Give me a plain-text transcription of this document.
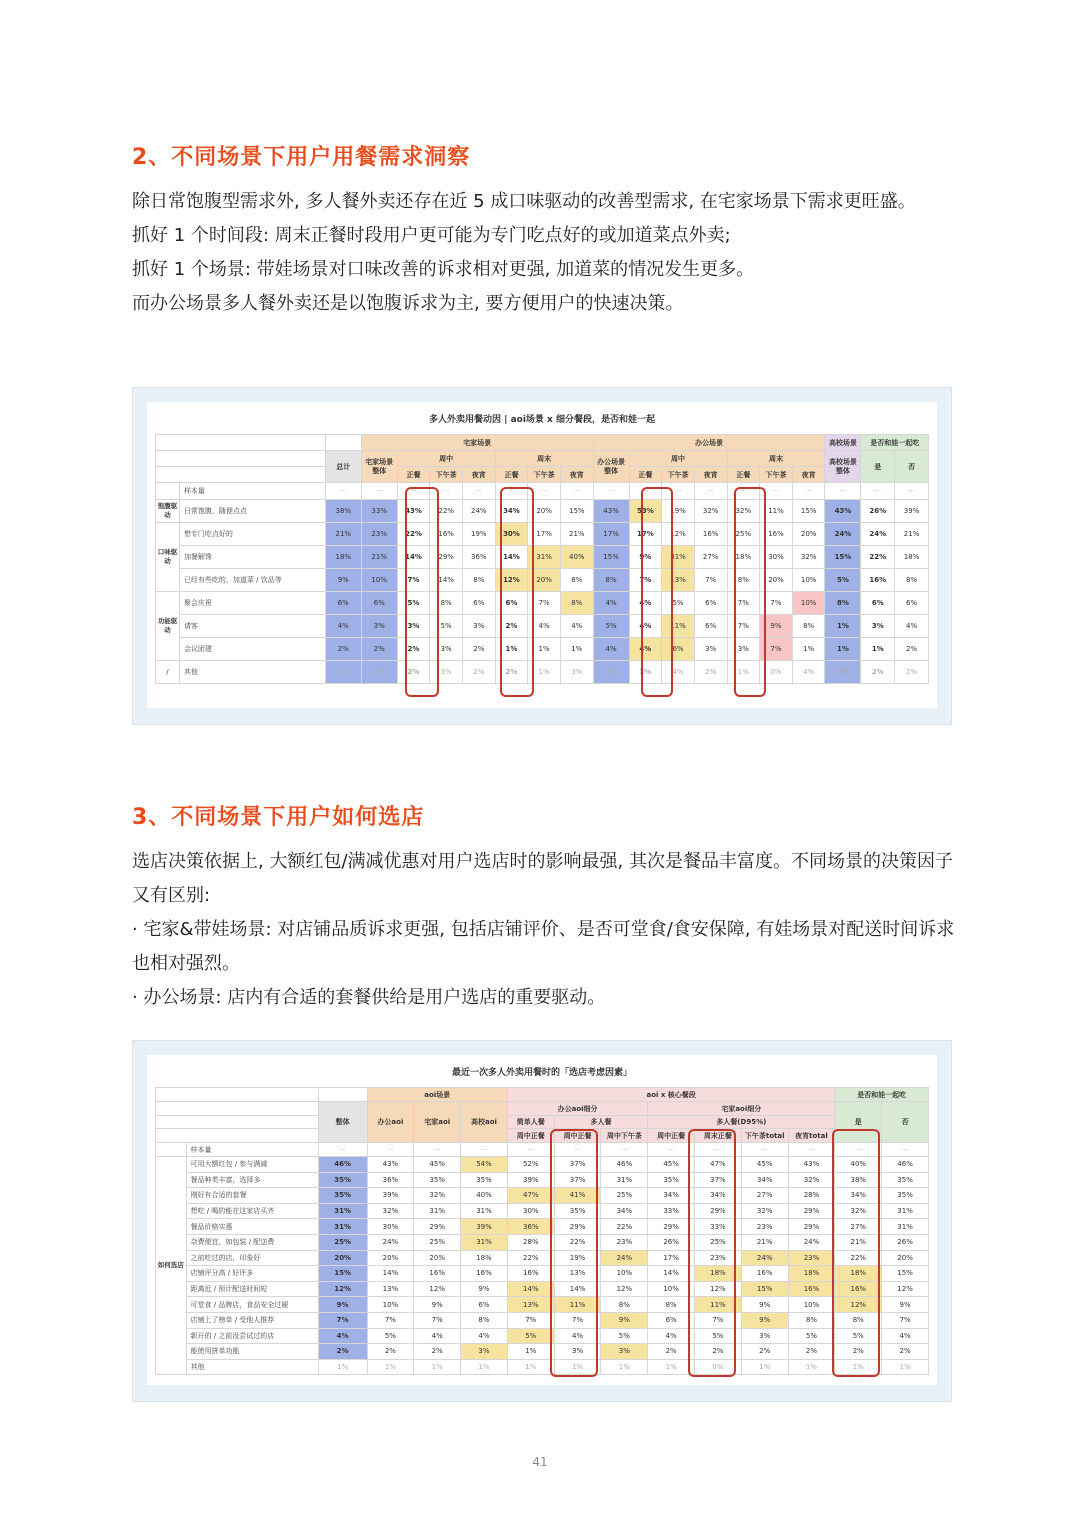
2、不同场景下用户用餐需求洞察

除日常饱腹型需求外, 多人餐外卖还存在近 5 成口味驱动的改善型需求, 在宅家场景下需求更旺盛。

抓好 1 个时间段: 周末正餐时段用户更可能为专门吃点好的或加道菜点外卖;

抓好 1 个场景: 带娃场景对口味改善的诉求相对更强, 加道菜的情况发生更多。

而办公场景多人餐外卖还是以饱腹诉求为主, 要方便用户的快速决策。

多人外卖用餐动因 | aoi场景 x 细分餐段，是否和娃一起
			宅家场景							办公场景							高校场景	是否和娃一起吃	
		总计	宅家场景整体	周中			周末			办公场景整体	周中			周末			高校场景整体	是	否
				正餐	下午茶	夜宵	正餐	下午茶	夜宵		正餐	下午茶	夜宵	正餐	下午茶	夜宵			
	样本量	···	···	···	···	···	···	···	···	···	···	···	···	···	···	···	···	···	···
饱腹驱动	日常饱腹，随便点点	38%	33%	43%	22%	24%	34%	20%	15%	43%	53%	19%	32%	32%	11%	15%	43%	26%	39%
口味驱动	想专门吃点好的	21%	23%	22%	16%	19%	30%	17%	21%	17%	17%	12%	16%	25%	16%	20%	24%	24%	21%
	加餐解馋	18%	21%	14%	29%	36%	14%	31%	40%	15%	9%	31%	27%	18%	30%	32%	15%	22%	18%
	已经有些吃的，加道菜 / 饮品等	9%	10%	7%	14%	8%	12%	20%	8%	8%	7%	13%	7%	8%	20%	10%	5%	16%	8%
功能驱动	聚会庆祝	6%	6%	5%	8%	6%	6%	7%	8%	4%	4%	5%	6%	7%	7%	10%	8%	6%	6%
	请客	4%	3%	3%	5%	3%	2%	4%	4%	5%	4%	11%	6%	7%	9%	8%	1%	3%	4%
	会议团建	2%	2%	2%	3%	2%	1%	1%	1%	4%	4%	6%	3%	3%	7%	1%	1%	1%	2%
/	其他	2%	2%	2%	3%	2%	2%	1%	3%	3%	3%	4%	2%	1%	0%	4%	2%	2%	2%
3、不同场景下用户如何选店

选店决策依据上, 大额红包/满减优惠对用户选店时的影响最强, 其次是餐品丰富度。不同场景的决策因子又有区别:

· 宅家&带娃场景: 对店铺品质诉求更强, 包括店铺评价、是否可堂食/食安保障, 有娃场景对配送时间诉求也相对强烈。

· 办公场景: 店内有合适的套餐供给是用户选店的重要驱动。

最近一次多人外卖用餐时的「选店考虑因素」
			aoi场景			aoi x 核心餐段							是否和娃一起吃	
		整体	办公aoi	宅家aoi	高校aoi	办公aoi细分			宅家aoi细分				是	否
						简单人餐	多人餐		多人餐(D95%)					
						周中正餐	周中正餐	周中下午茶	周中正餐	周末正餐	下午茶total	夜宵total		
	样本量	···	···	···	···	···	···	···	···	···	···	···	···	···
如何选店	可用大额红包 / 参与满减	46%	43%	45%	54%	52%	37%	46%	45%	47%	45%	43%	40%	46%
	餐品种类丰富，选择多	35%	36%	35%	35%	39%	37%	31%	35%	37%	34%	32%	38%	35%
	刚好有合适的套餐	35%	39%	32%	40%	47%	41%	25%	34%	34%	27%	28%	34%	35%
	想吃 / 喝的能在这家店买齐	31%	32%	31%	31%	30%	35%	34%	33%	29%	32%	29%	32%	31%
	餐品价格实惠	31%	30%	29%	39%	36%	29%	22%	29%	33%	23%	29%	27%	31%
	杂费便宜，如包装 / 配送费	25%	24%	25%	31%	28%	22%	23%	26%	25%	21%	24%	21%	26%
	之前吃过的店，印象好	20%	20%	20%	18%	22%	19%	24%	17%	23%	24%	23%	22%	20%
	店铺评分高 / 好评多	15%	14%	16%	16%	16%	13%	10%	14%	18%	16%	18%	18%	15%
	距离近 / 预计配送时间短	12%	13%	12%	9%	14%	14%	12%	10%	12%	15%	16%	16%	12%
	可堂食 / 品牌店，食品安全过硬	9%	10%	9%	6%	13%	11%	8%	8%	11%	9%	10%	12%	9%
	店铺上了榜单 / 受他人推荐	7%	7%	7%	8%	7%	7%	9%	6%	7%	9%	8%	8%	7%
	新开的 / 之前没尝试过的店	4%	5%	4%	4%	5%	4%	5%	4%	5%	3%	5%	5%	4%
	能使用拼单功能	2%	2%	2%	3%	1%	3%	3%	2%	2%	2%	2%	2%	2%
	其他	1%	1%	1%	1%	1%	1%	1%	1%	0%	1%	1%	1%	1%
41
